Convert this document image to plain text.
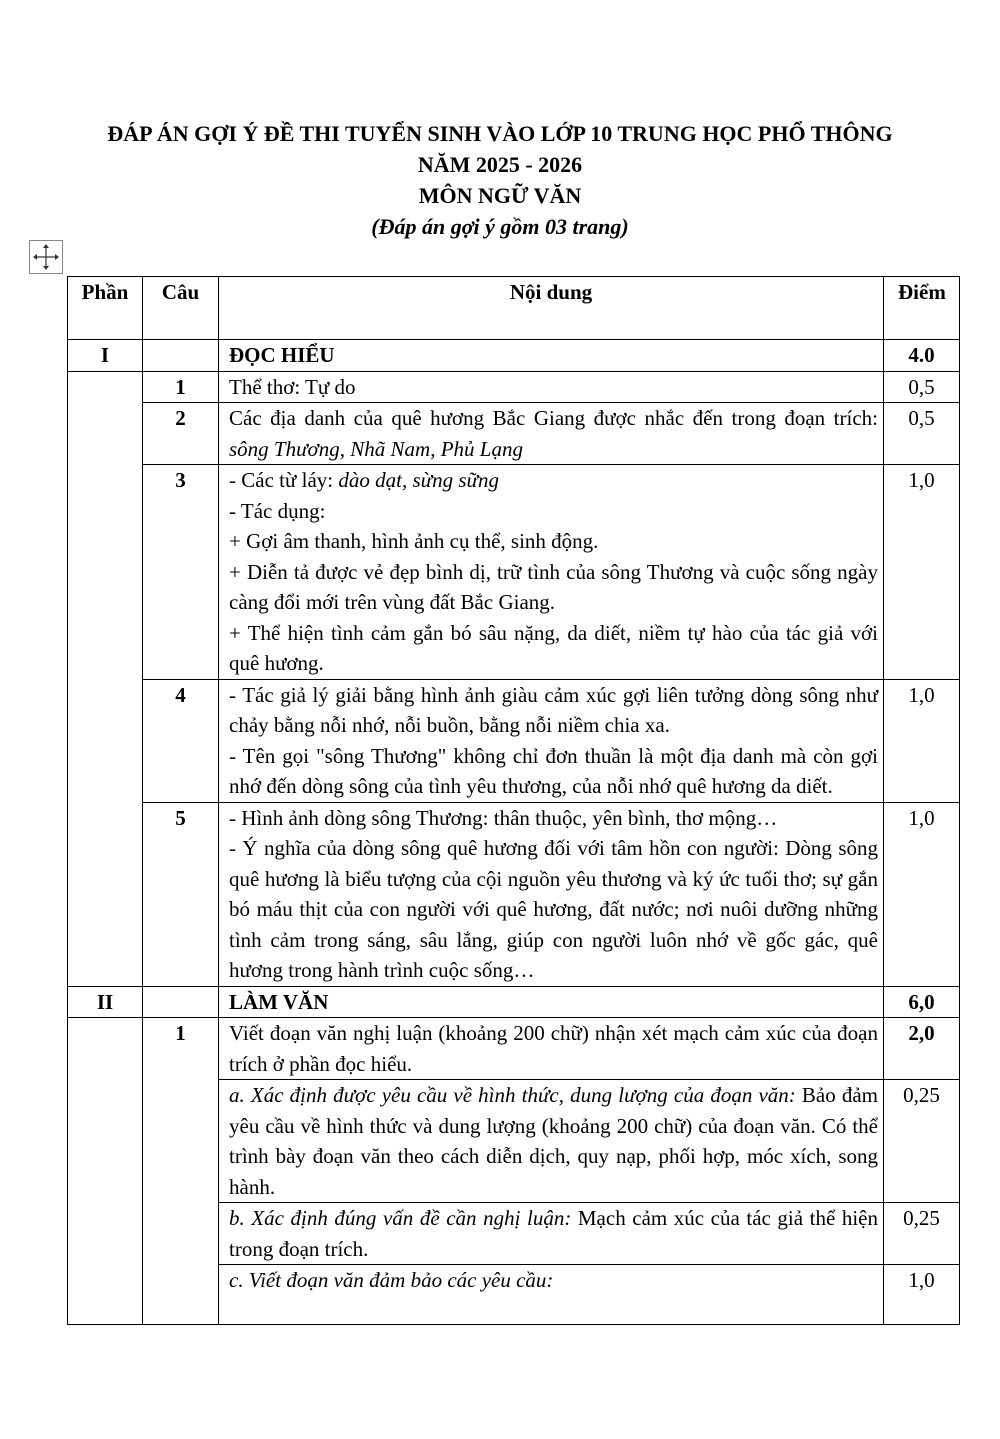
ĐÁP ÁN GỢI Ý ĐỀ THI TUYỂN SINH VÀO LỚP 10 TRUNG HỌC PHỔ THÔNG
NĂM 2025 - 2026
MÔN NGỮ VĂN
(Đáp án gợi ý gồm 03 trang)
Phần	Câu	Nội dung	Điểm
I		ĐỌC HIỂU	4.0
	1	Thể thơ: Tự do	0,5
	2	Các địa danh của quê hương Bắc Giang được nhắc đến trong đoạn trích: sông Thương, Nhã Nam, Phủ Lạng	0,5
	3	- Các từ láy: dào dạt, sừng sững
- Tác dụng:
+ Gợi âm thanh, hình ảnh cụ thể, sinh động.
+ Diễn tả được vẻ đẹp bình dị, trữ tình của sông Thương và cuộc sống ngày càng đổi mới trên vùng đất Bắc Giang.
+ Thể hiện tình cảm gắn bó sâu nặng, da diết, niềm tự hào của tác giả với quê hương.	1,0
	4	- Tác giả lý giải bằng hình ảnh giàu cảm xúc gợi liên tưởng dòng sông như chảy bằng nỗi nhớ, nỗi buồn, bằng nỗi niềm chia xa.
- Tên gọi "sông Thương" không chỉ đơn thuần là một địa danh mà còn gợi nhớ đến dòng sông của tình yêu thương, của nỗi nhớ quê hương da diết.	1,0
	5	- Hình ảnh dòng sông Thương: thân thuộc, yên bình, thơ mộng…
- Ý nghĩa của dòng sông quê hương đối với tâm hồn con người: Dòng sông quê hương là biểu tượng của cội nguồn yêu thương và ký ức tuổi thơ; sự gắn bó máu thịt của con người với quê hương, đất nước; nơi nuôi dưỡng những tình cảm trong sáng, sâu lắng, giúp con người luôn nhớ về gốc gác, quê hương trong hành trình cuộc sống…	1,0
II		LÀM VĂN	6,0
	1	Viết đoạn văn nghị luận (khoảng 200 chữ) nhận xét mạch cảm xúc của đoạn trích ở phần đọc hiểu.	2,0
		a. Xác định được yêu cầu về hình thức, dung lượng của đoạn văn: Bảo đảm yêu cầu về hình thức và dung lượng (khoảng 200 chữ) của đoạn văn. Có thể trình bày đoạn văn theo cách diễn dịch, quy nạp, phối hợp, móc xích, song hành.	0,25
		b. Xác định đúng vấn đề cần nghị luận: Mạch cảm xúc của tác giả thể hiện trong đoạn trích.	0,25
		c. Viết đoạn văn đảm bảo các yêu cầu:	1,0
